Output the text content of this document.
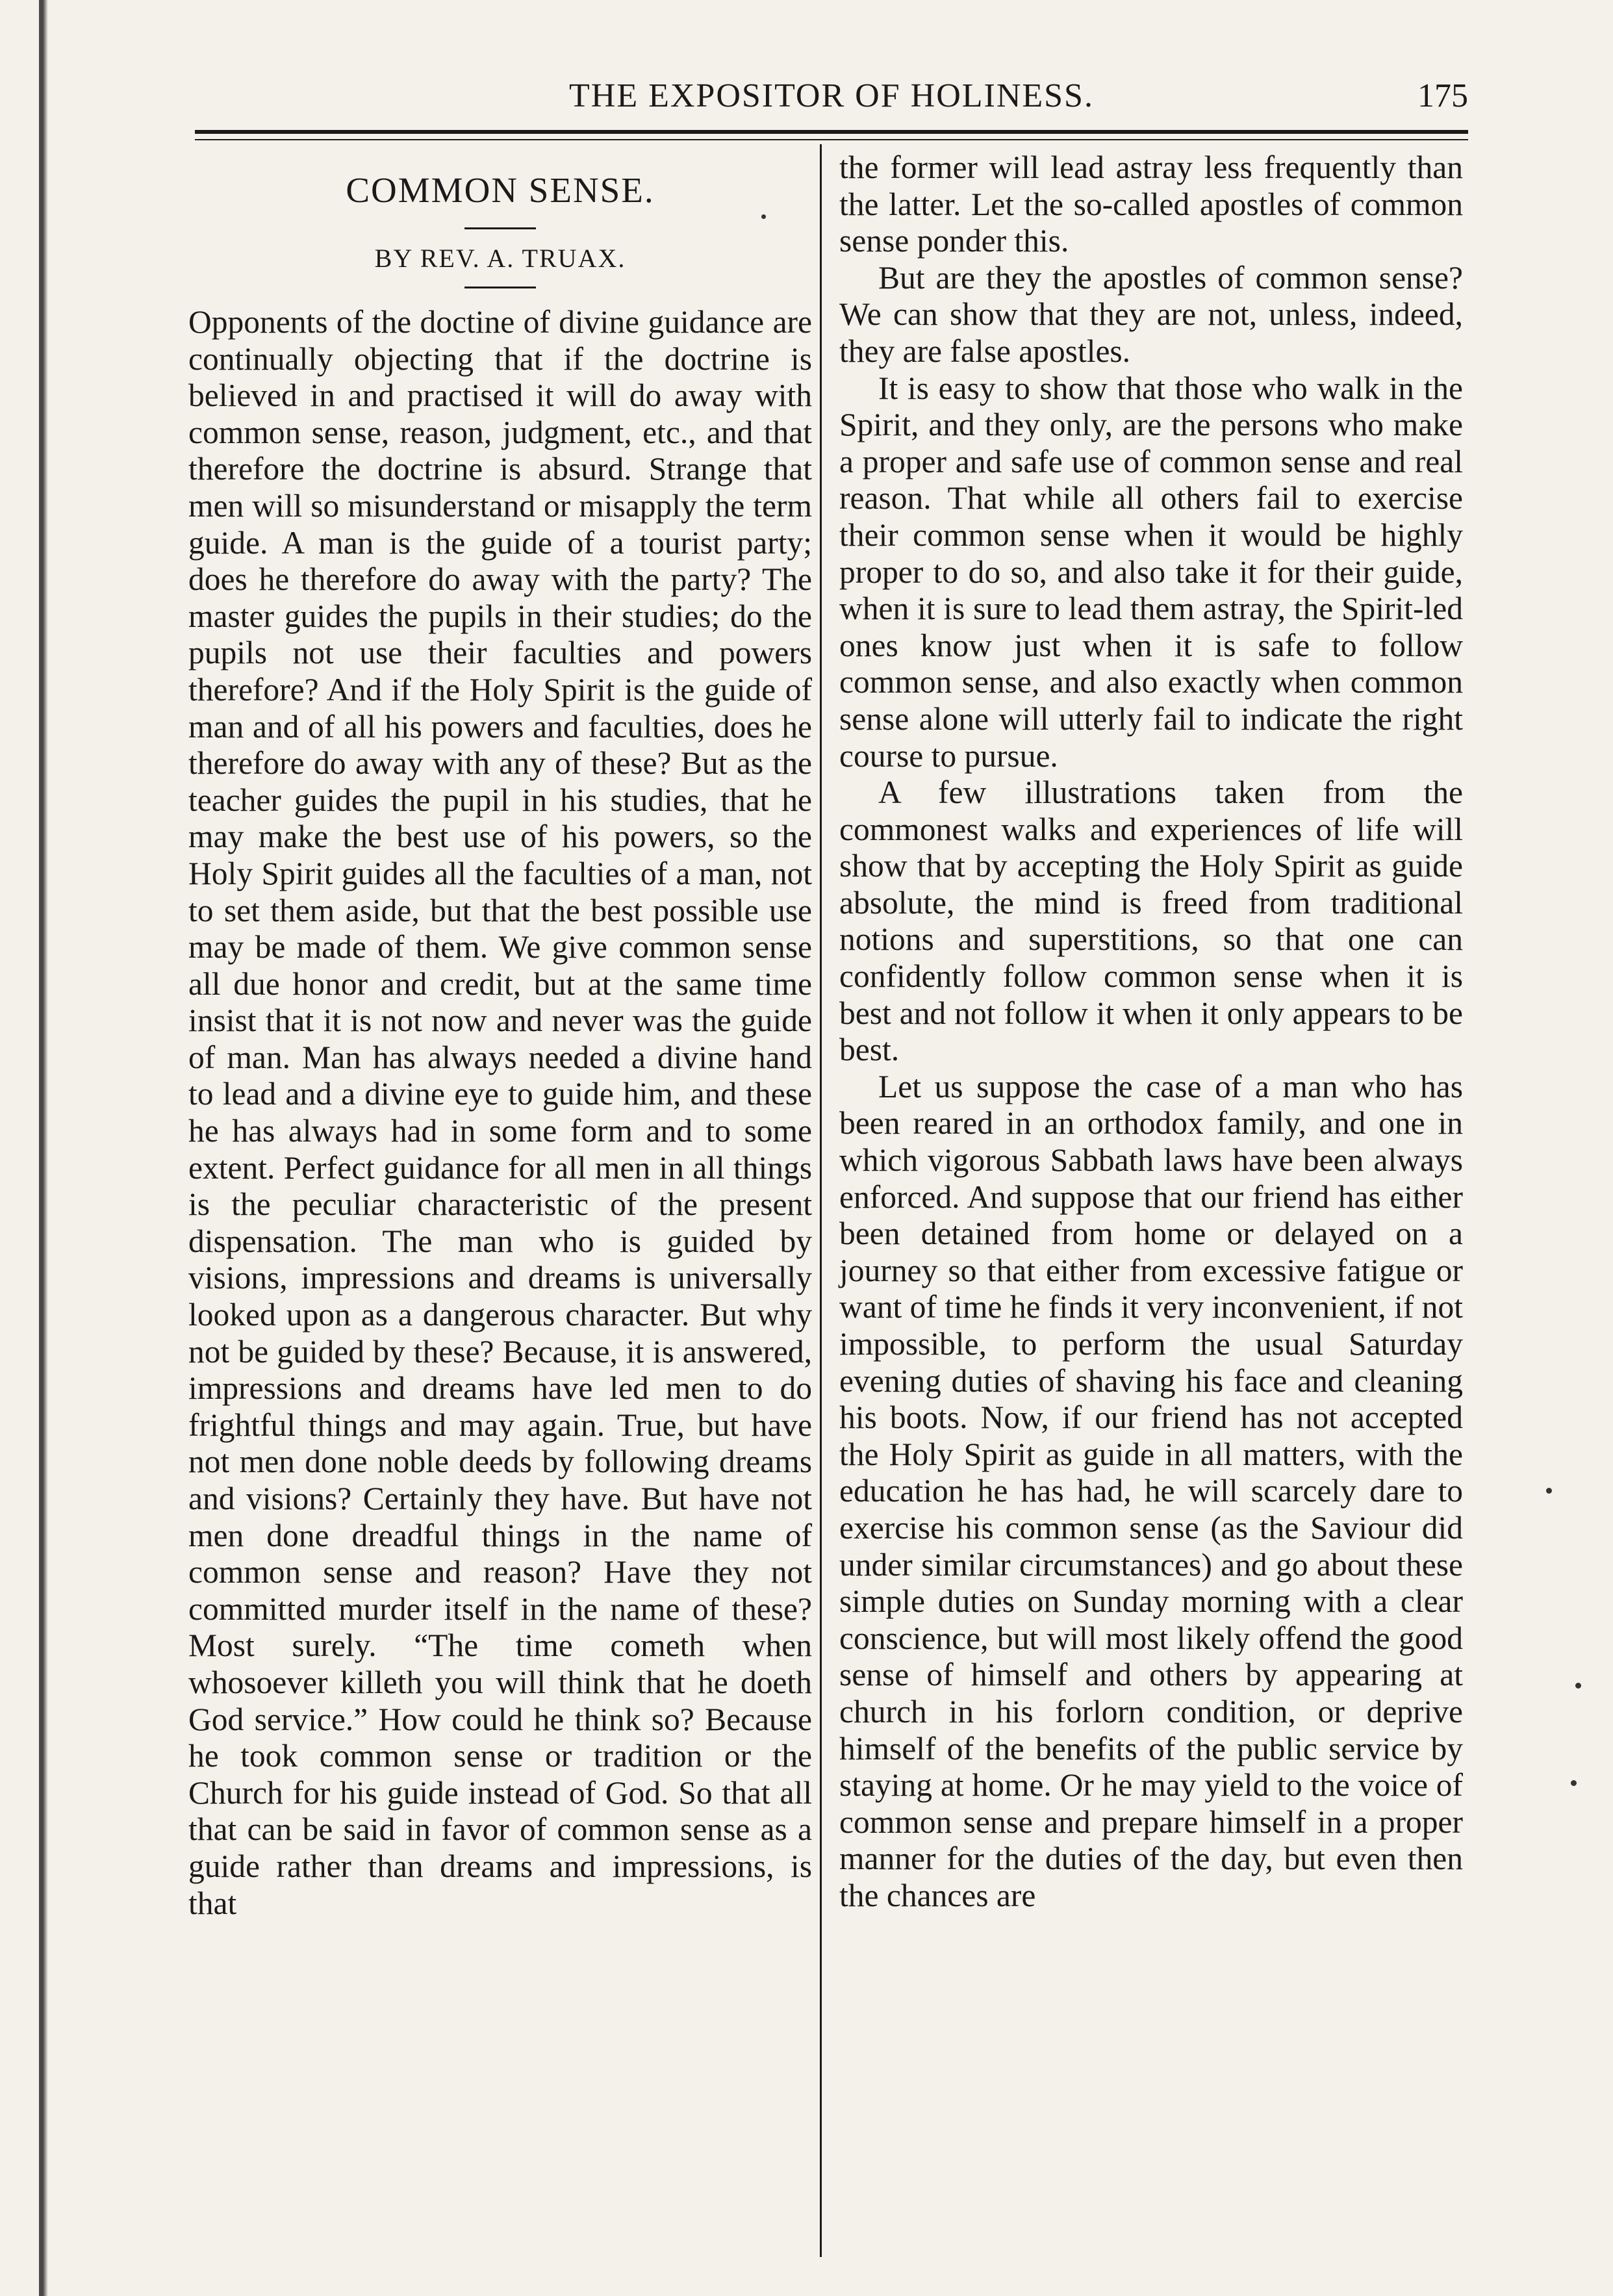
THE EXPOSITOR OF HOLINESS.	175
COMMON SENSE.
BY REV. A. TRUAX.

Opponents of the doctine of divine guidance are continually objecting that if the doctrine is believed in and practised it will do away with common sense, reason, judgment, etc., and that therefore the doctrine is absurd. Strange that men will so misunderstand or misapply the term guide. A man is the guide of a tourist party; does he therefore do away with the party? The master guides the pupils in their studies; do the pupils not use their faculties and powers therefore? And if the Holy Spirit is the guide of man and of all his powers and faculties, does he therefore do away with any of these? But as the teacher guides the pupil in his studies, that he may make the best use of his powers, so the Holy Spirit guides all the faculties of a man, not to set them aside, but that the best possible use may be made of them. We give common sense all due honor and credit, but at the same time insist that it is not now and never was the guide of man. Man has always needed a divine hand to lead and a divine eye to guide him, and these he has always had in some form and to some extent. Perfect guidance for all men in all things is the peculiar characteristic of the present dispensation. The man who is guided by visions, impressions and dreams is universally looked upon as a dangerous character. But why not be guided by these? Because, it is answered, impressions and dreams have led men to do frightful things and may again. True, but have not men done noble deeds by following dreams and visions? Certainly they have. But have not men done dreadful things in the name of common sense and reason? Have they not committed murder itself in the name of these? Most surely. “The time cometh when whosoever killeth you will think that he doeth God service.” How could he think so? Because he took common sense or tradition or the Church for his guide instead of God. So that all that can be said in favor of common sense as a guide rather than dreams and impressions, is that

the former will lead astray less frequently than the latter. Let the so-called apostles of common sense ponder this.

But are they the apostles of common sense? We can show that they are not, unless, indeed, they are false apostles.

It is easy to show that those who walk in the Spirit, and they only, are the persons who make a proper and safe use of common sense and real reason. That while all others fail to exercise their common sense when it would be highly proper to do so, and also take it for their guide, when it is sure to lead them astray, the Spirit-led ones know just when it is safe to follow common sense, and also exactly when common sense alone will utterly fail to indicate the right course to pursue.

A few illustrations taken from the commonest walks and experiences of life will show that by accepting the Holy Spirit as guide absolute, the mind is freed from traditional notions and superstitions, so that one can confidently follow common sense when it is best and not follow it when it only appears to be best.

Let us suppose the case of a man who has been reared in an orthodox family, and one in which vigorous Sabbath laws have been always enforced. And suppose that our friend has either been detained from home or delayed on a journey so that either from excessive fatigue or want of time he finds it very inconvenient, if not impossible, to perform the usual Saturday evening duties of shaving his face and cleaning his boots. Now, if our friend has not accepted the Holy Spirit as guide in all matters, with the education he has had, he will scarcely dare to exercise his common sense (as the Saviour did under similar circumstances) and go about these simple duties on Sunday morning with a clear conscience, but will most likely offend the good sense of himself and others by appearing at church in his forlorn condition, or deprive himself of the benefits of the public service by staying at home. Or he may yield to the voice of common sense and prepare himself in a proper manner for the duties of the day, but even then the chances are
